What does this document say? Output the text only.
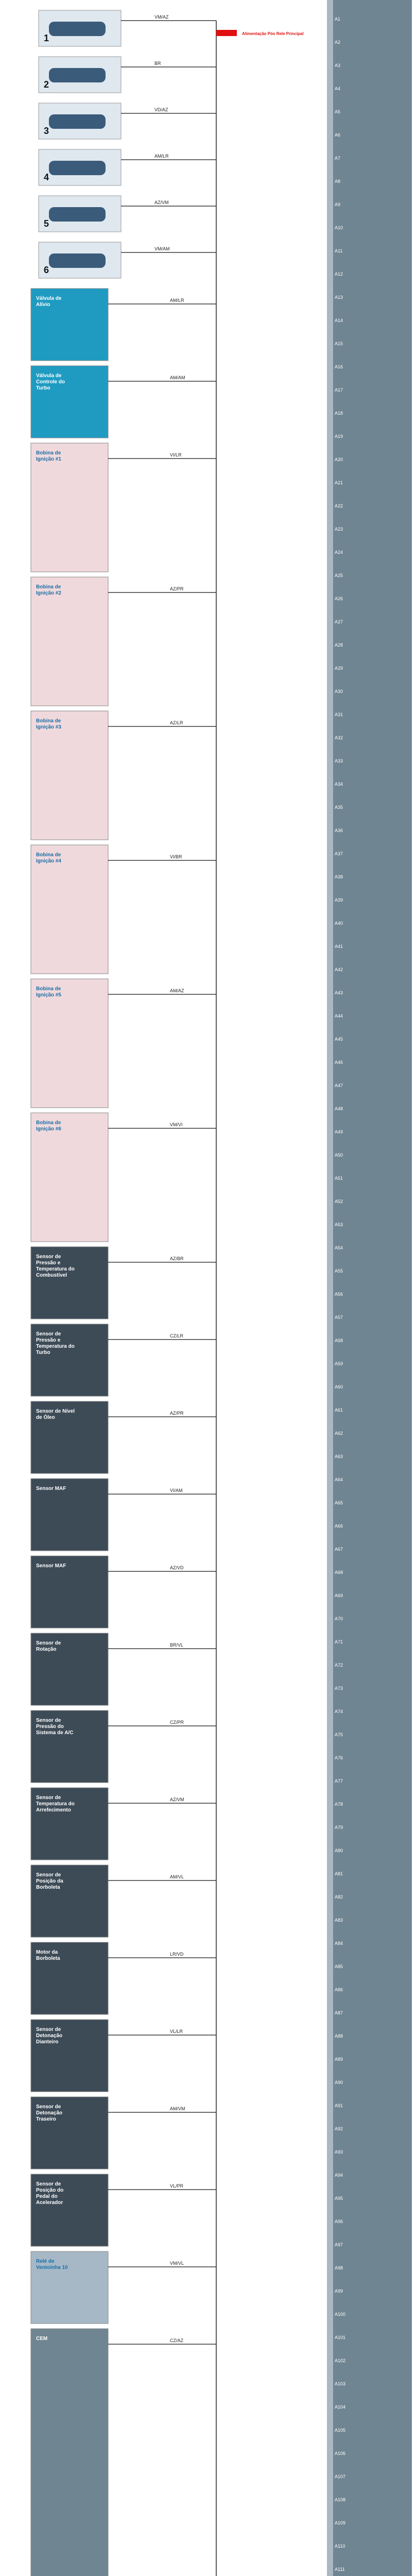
A1
A2
A3
A4
A5
A6
A7
A8
A9
A10
A11
A12
A13
A14
A15
A16
A17
A18
A19
A20
A21
A22
A23
A24
A25
A26
A27
A28
A29
A30
A31
A32
A33
A34
A35
A36
A37
A38
A39
A40
A41
A42
A43
A44
A45
A46
A47
A48
A49
A50
A51
A52
A53
A54
A55
A56
A57
A58
A59
A60
A61
A62
A63
A64
A65
A66
A67
A68
A69
A70
A71
A72
A73
A74
A75
A76
A77
A78
A79
A80
A81
A82
A83
A84
A85
A86
A87
A88
A89
A90
A91
A92
A93
A94
A95
A96
A97
A98
A99
A100
A101
A102
A103
A104
A105
A106
A107
A108
A109
A110
A111
1
VM/AZ
2
BR
3
VD/AZ
4
AM/LR
5
AZ/VM
6
VM/AM
Alimentação Pós Rele Principal
Válvula de
Alívio
AM/LR
Válvula de
Controle do
Turbo
AM/AM
Bobina de
Ignição #1
VI/LR
Bobina de
Ignição #2
AZ/PR
Bobina de
Ignição #3
AZ/LR
Bobina de
Ignição #4
VI/BR
Bobina de
Ignição #5
AM/AZ
Bobina de
Ignição #6
VM/VI
Sensor de
Pressão e
Temperatura do
Combustível
AZ/BR
Sensor de
Pressão e
Temperatura do
Turbo
CZ/LR
Sensor de Nível
de Óleo
AZ/PR
Sensor MAF	VI/AM
Sensor MAF	AZ/VD
Sensor de
Rotação
BR/VL
Sensor de
Pressão do
Sistema de A/C
CZ/PR
Sensor de
Temperatura do
Arrefecimento
AZ/VM
Sensor de
Posição da
Borboleta
AM/VL
Motor da
Borboleta
LR/VD
Sensor de
Detonação
Dianteiro
VL/LR
Sensor de
Detonação
Traseiro
AM/VM
Sensor de
Posição do
Pedal do
Acelerador
VL/PR
Relé de
Ventoinha 10
VM/VL
CEM	CZ/AZ
